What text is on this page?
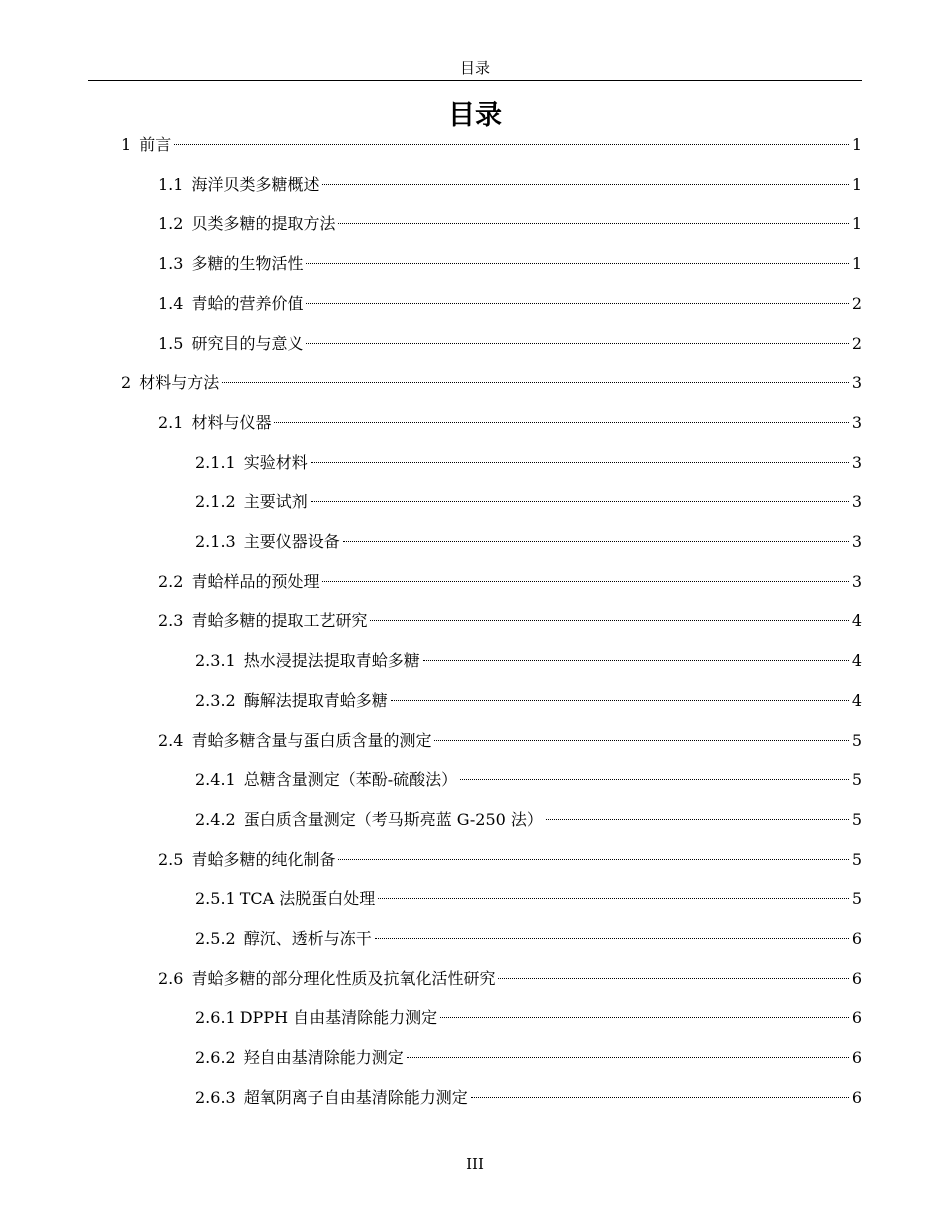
目录
目录
1 前言	1
1.1 海洋贝类多糖概述	1
1.2 贝类多糖的提取方法	1
1.3 多糖的生物活性	1
1.4 青蛤的营养价值	2
1.5 研究目的与意义	2
2 材料与方法	3
2.1 材料与仪器	3
2.1.1 实验材料	3
2.1.2 主要试剂	3
2.1.3 主要仪器设备	3
2.2 青蛤样品的预处理	3
2.3 青蛤多糖的提取工艺研究	4
2.3.1 热水浸提法提取青蛤多糖	4
2.3.2 酶解法提取青蛤多糖	4
2.4 青蛤多糖含量与蛋白质含量的测定	5
2.4.1 总糖含量测定（苯酚-硫酸法）	5
2.4.2 蛋白质含量测定（考马斯亮蓝 G-250 法）	5
2.5 青蛤多糖的纯化制备	5
2.5.1 TCA 法脱蛋白处理	5
2.5.2 醇沉、透析与冻干	6
2.6 青蛤多糖的部分理化性质及抗氧化活性研究	6
2.6.1 DPPH 自由基清除能力测定	6
2.6.2 羟自由基清除能力测定	6
2.6.3 超氧阴离子自由基清除能力测定	6
III
